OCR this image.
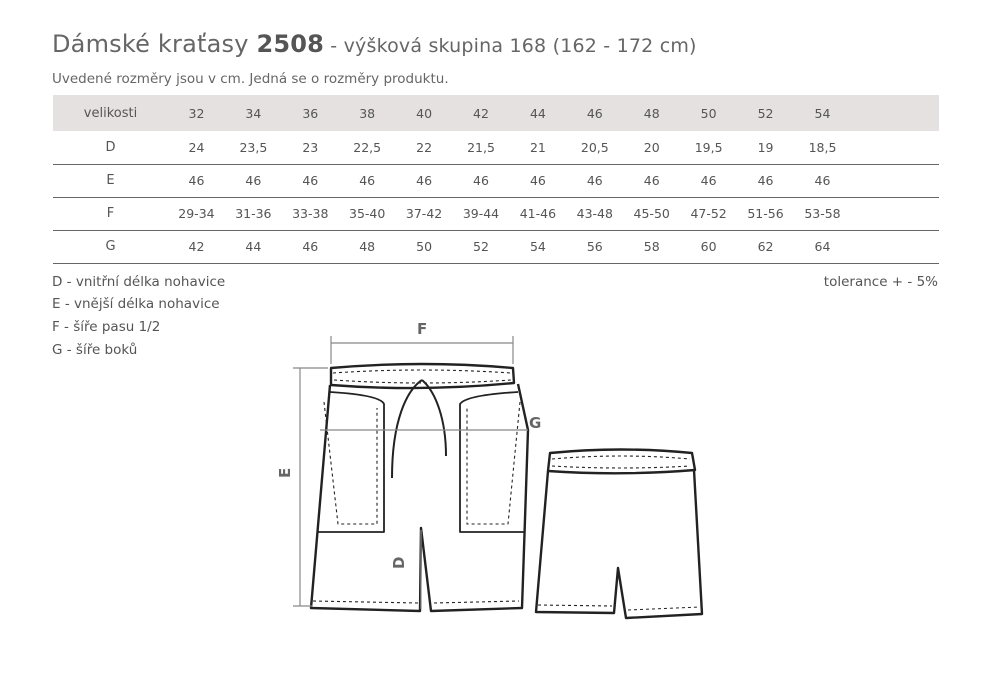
Dámské kraťasy 2508 - výšková skupina 168 (162 - 172 cm)
Uvedené rozměry jsou v cm. Jedná se o rozměry produktu.
velikosti	32	34	36	38	40	42	44	46	48	50	52	54	
D	24	23,5	23	22,5	22	21,5	21	20,5	20	19,5	19	18,5	
E	46	46	46	46	46	46	46	46	46	46	46	46	
F	29-34	31-36	33-38	35-40	37-42	39-44	41-46	43-48	45-50	47-52	51-56	53-58	
G	42	44	46	48	50	52	54	56	58	60	62	64	
D - vnitřní délka nohavice
E - vnější délka nohavice
F - šíře pasu 1/2
G - šíře boků
tolerance + - 5%
F
G
E
D
